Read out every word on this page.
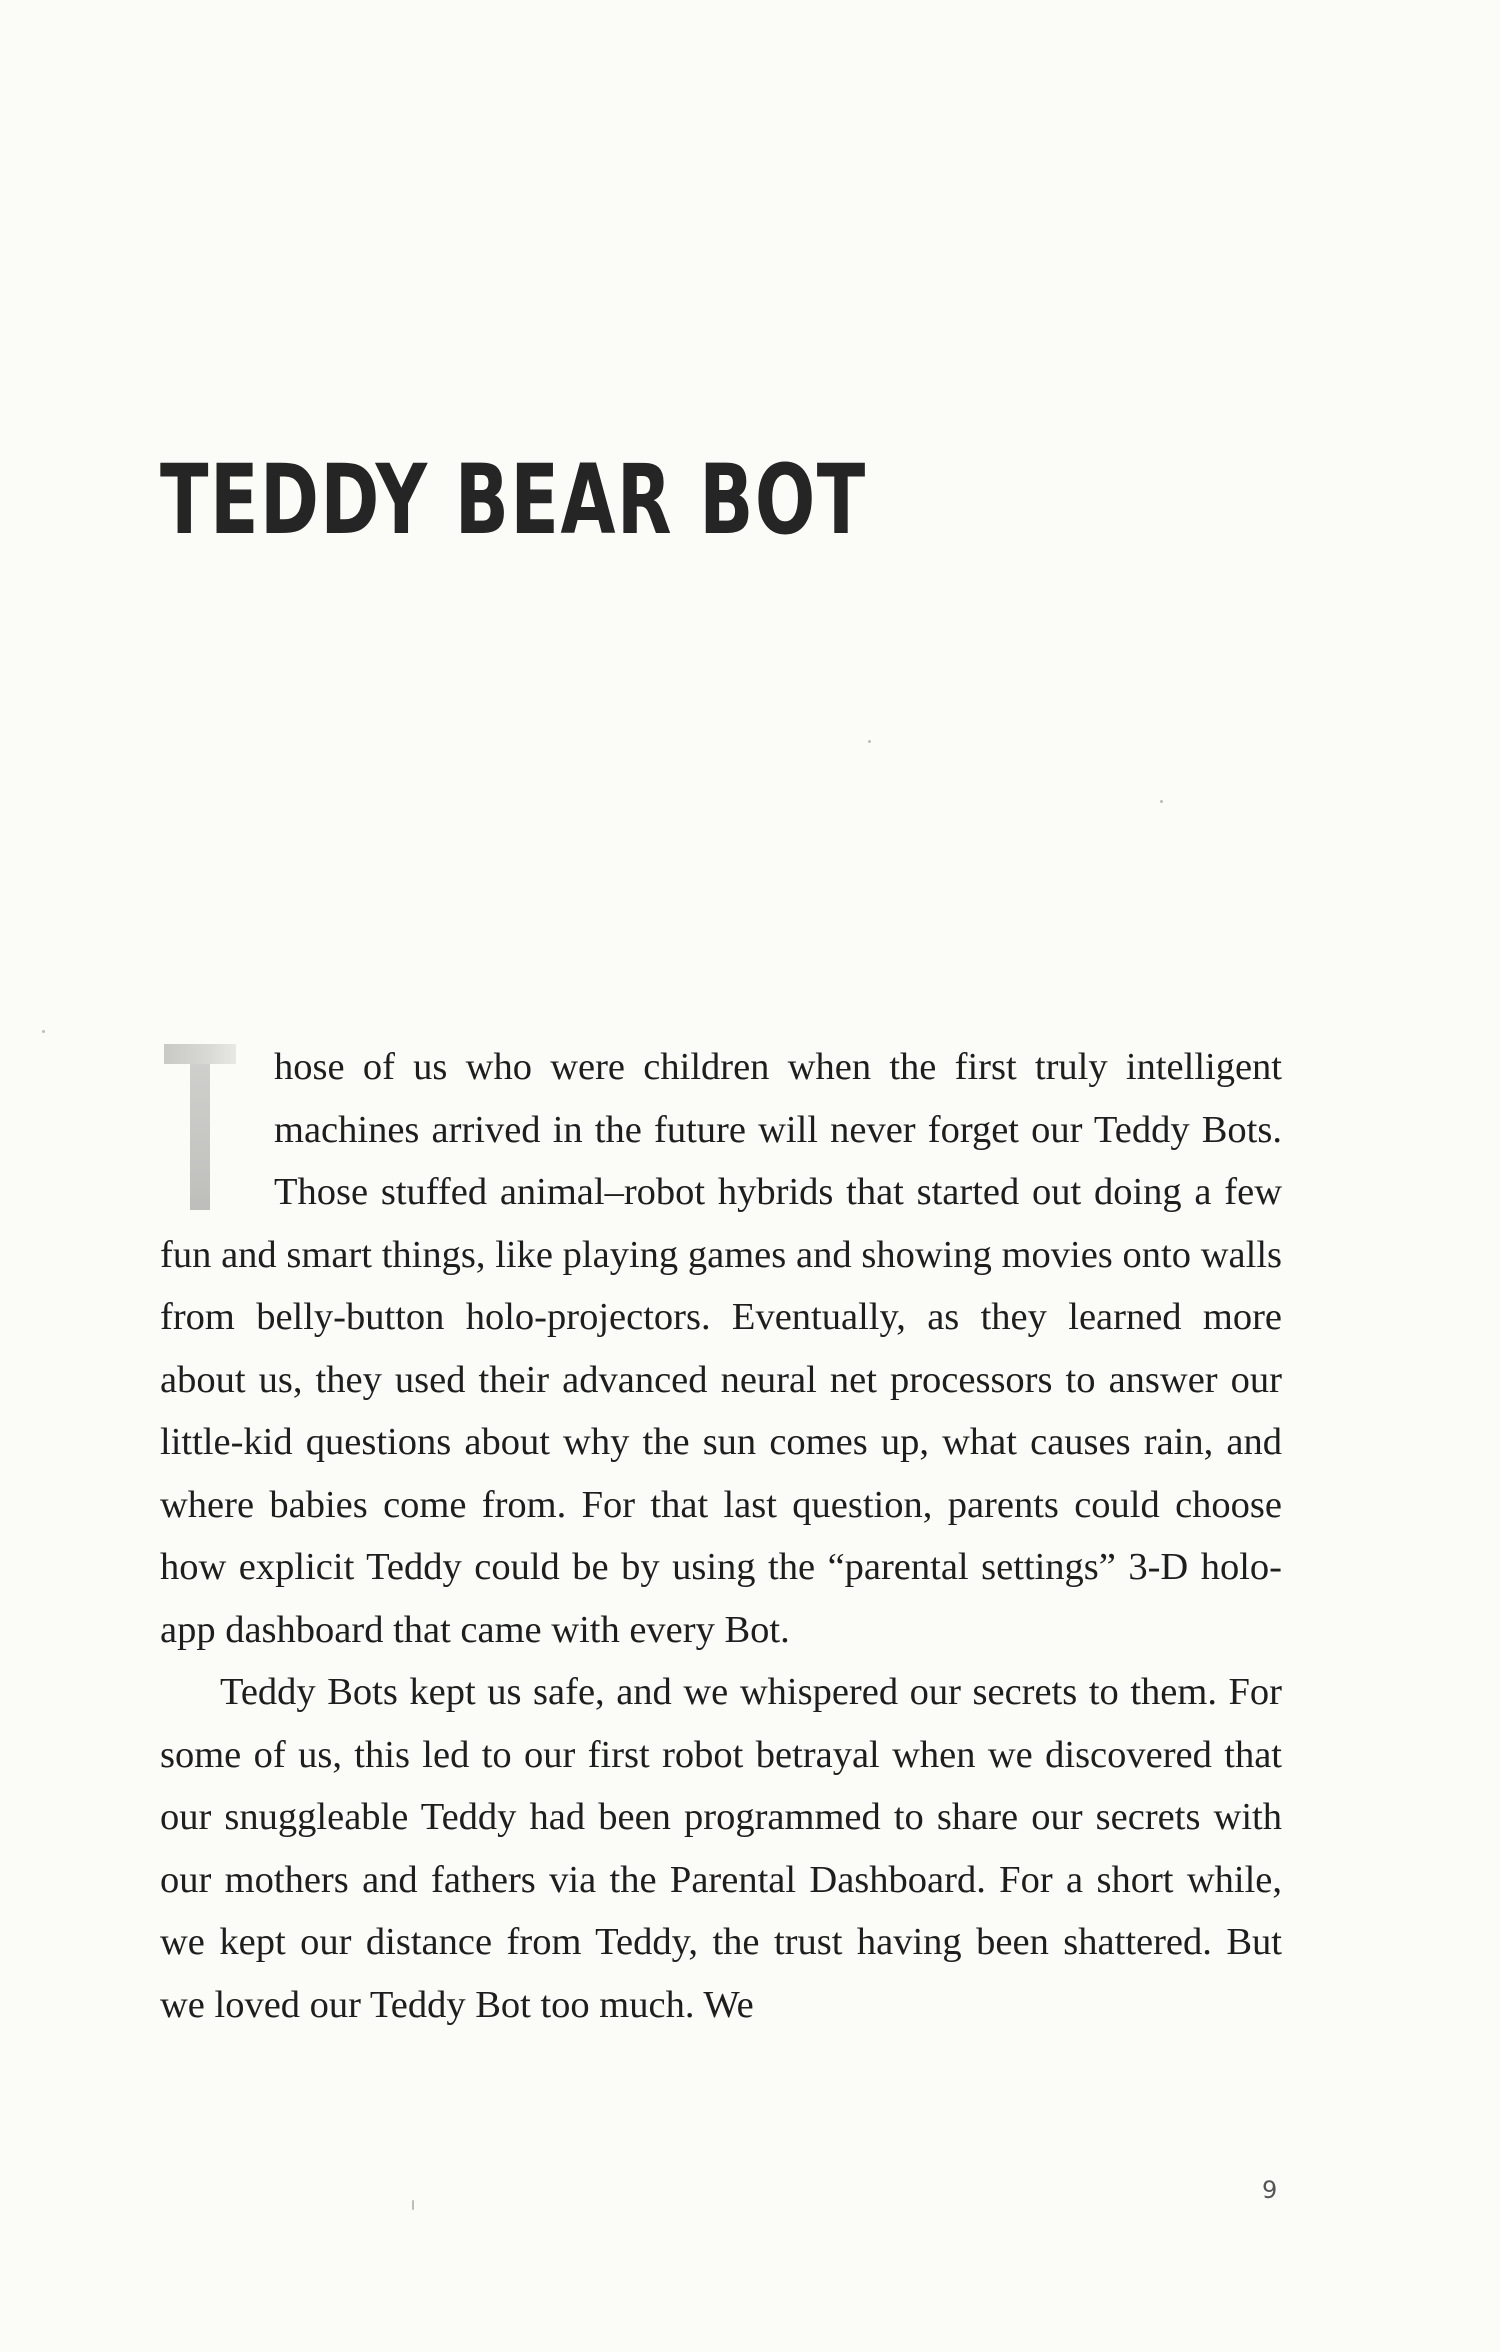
TEDDY BEAR BOT

hose of us who were children when the first truly intelligent machines arrived in the future will never forget our Teddy Bots. Those stuffed animal–robot hybrids that started out doing a few fun and smart things, like playing games and showing movies onto walls from belly-button holo-projectors. Eventually, as they learned more about us, they used their advanced neural net processors to answer our little-kid questions about why the sun comes up, what causes rain, and where babies come from. For that last question, parents could choose how explicit Teddy could be by using the “parental settings” 3-D holo-app dashboard that came with every Bot.

Teddy Bots kept us safe, and we whispered our secrets to them. For some of us, this led to our first robot betrayal when we discovered that our snuggleable Teddy had been programmed to share our secrets with our mothers and fathers via the Parental Dashboard. For a short while, we kept our distance from Teddy, the trust having been shattered. But we loved our Teddy Bot too much. We

9
